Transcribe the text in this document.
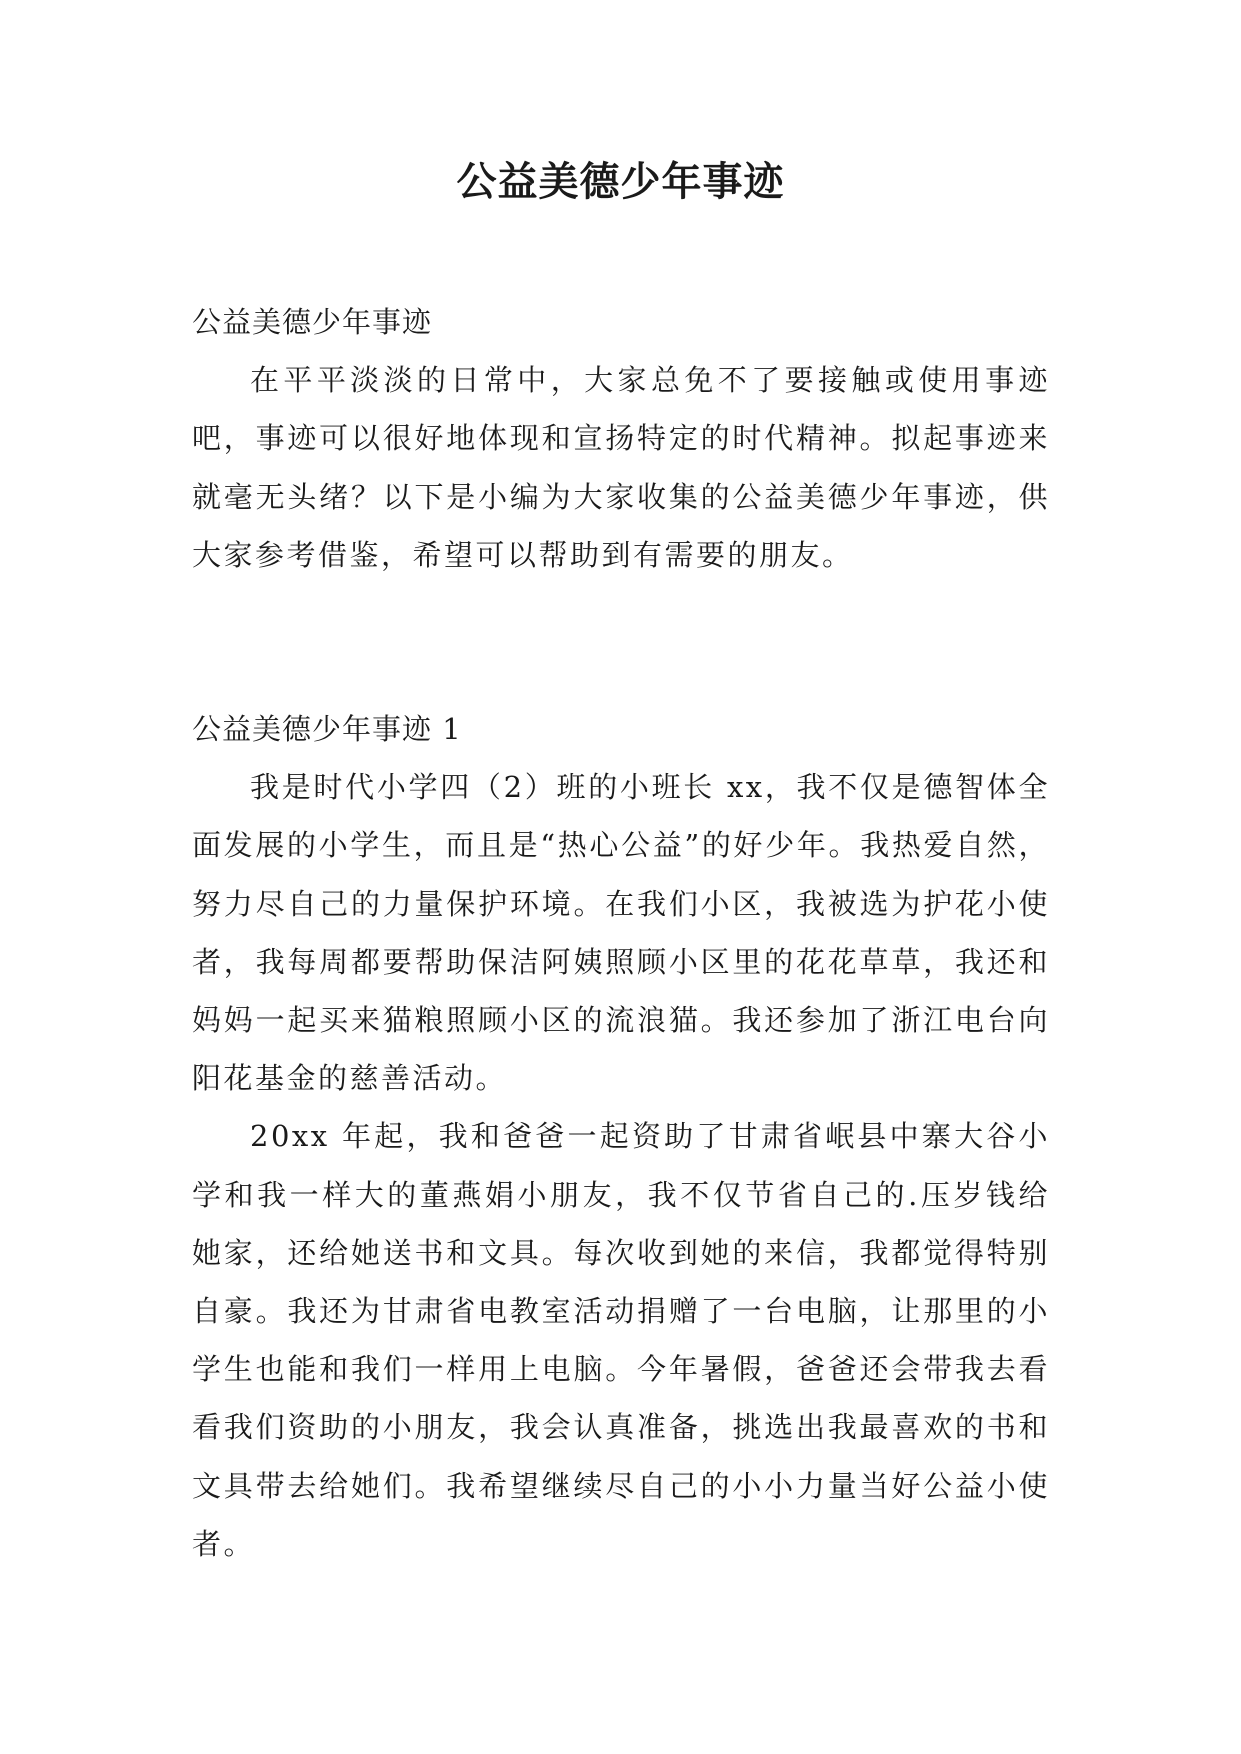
公益美德少年事迹

公益美德少年事迹

在平平淡淡的日常中，大家总免不了要接触或使用事迹吧，事迹可以很好地体现和宣扬特定的时代精神。拟起事迹来就毫无头绪？以下是小编为大家收集的公益美德少年事迹，供大家参考借鉴，希望可以帮助到有需要的朋友。

公益美德少年事迹 1

我是时代小学四（2）班的小班长 xx，我不仅是德智体全面发展的小学生，而且是“热心公益”的好少年。我热爱自然，努力尽自己的力量保护环境。在我们小区，我被选为护花小使者，我每周都要帮助保洁阿姨照顾小区里的花花草草，我还和妈妈一起买来猫粮照顾小区的流浪猫。我还参加了浙江电台向阳花基金的慈善活动。

20xx 年起，我和爸爸一起资助了甘肃省岷县中寨大谷小学和我一样大的董燕娟小朋友，我不仅节省自己的.压岁钱给她家，还给她送书和文具。每次收到她的来信，我都觉得特别自豪。我还为甘肃省电教室活动捐赠了一台电脑，让那里的小学生也能和我们一样用上电脑。今年暑假，爸爸还会带我去看看我们资助的小朋友，我会认真准备，挑选出我最喜欢的书和文具带去给她们。我希望继续尽自己的小小力量当好公益小使者。
